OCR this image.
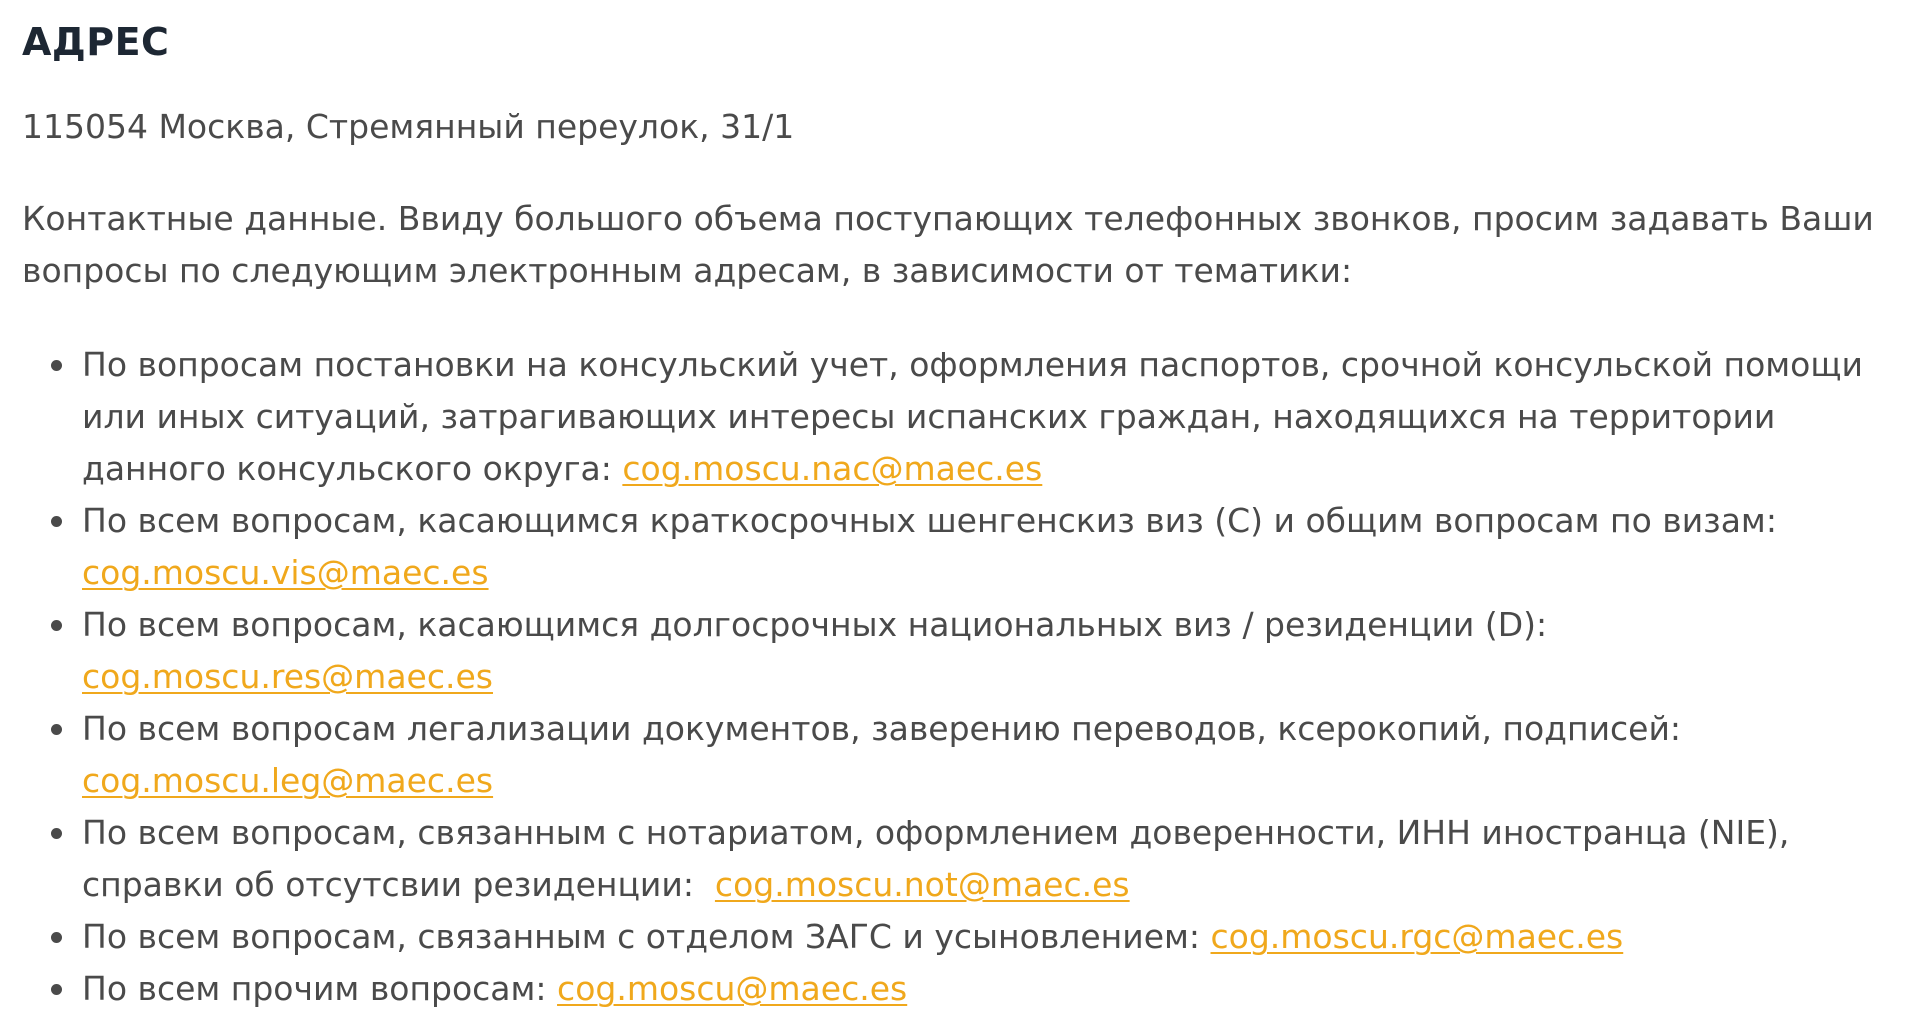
АДРЕС

115054 Москва, Стремянный переулок, 31/1

Контактные данные. Ввиду большого объема поступающих телефонных звонков, просим задавать Ваши вопросы по следующим электронным адресам, в зависимости от тематики:

По вопросам постановки на консульский учет, оформления паспортов, срочной консульской помощи или иных ситуаций, затрагивающих интересы испанских граждан, находящихся на территории данного консульского округа: cog.moscu.nac@maec.es
По всем вопросам, касающимся краткосрочных шенгенскиз виз (C) и общим вопросам по визам: cog.moscu.vis@maec.es
По всем вопросам, касающимся долгосрочных национальных виз / резиденции (D): cog.moscu.res@maec.es
По всем вопросам легализации документов, заверению переводов, ксерокопий, подписей: cog.moscu.leg@maec.es
По всем вопросам, связанным с нотариатом, оформлением доверенности, ИНН иностранца (NIE), справки об отсутсвии резиденции:  cog.moscu.not@maec.es
По всем вопросам, связанным с отделом ЗАГС и усыновлением: cog.moscu.rgc@maec.es
По всем прочим вопросам: cog.moscu@maec.es
